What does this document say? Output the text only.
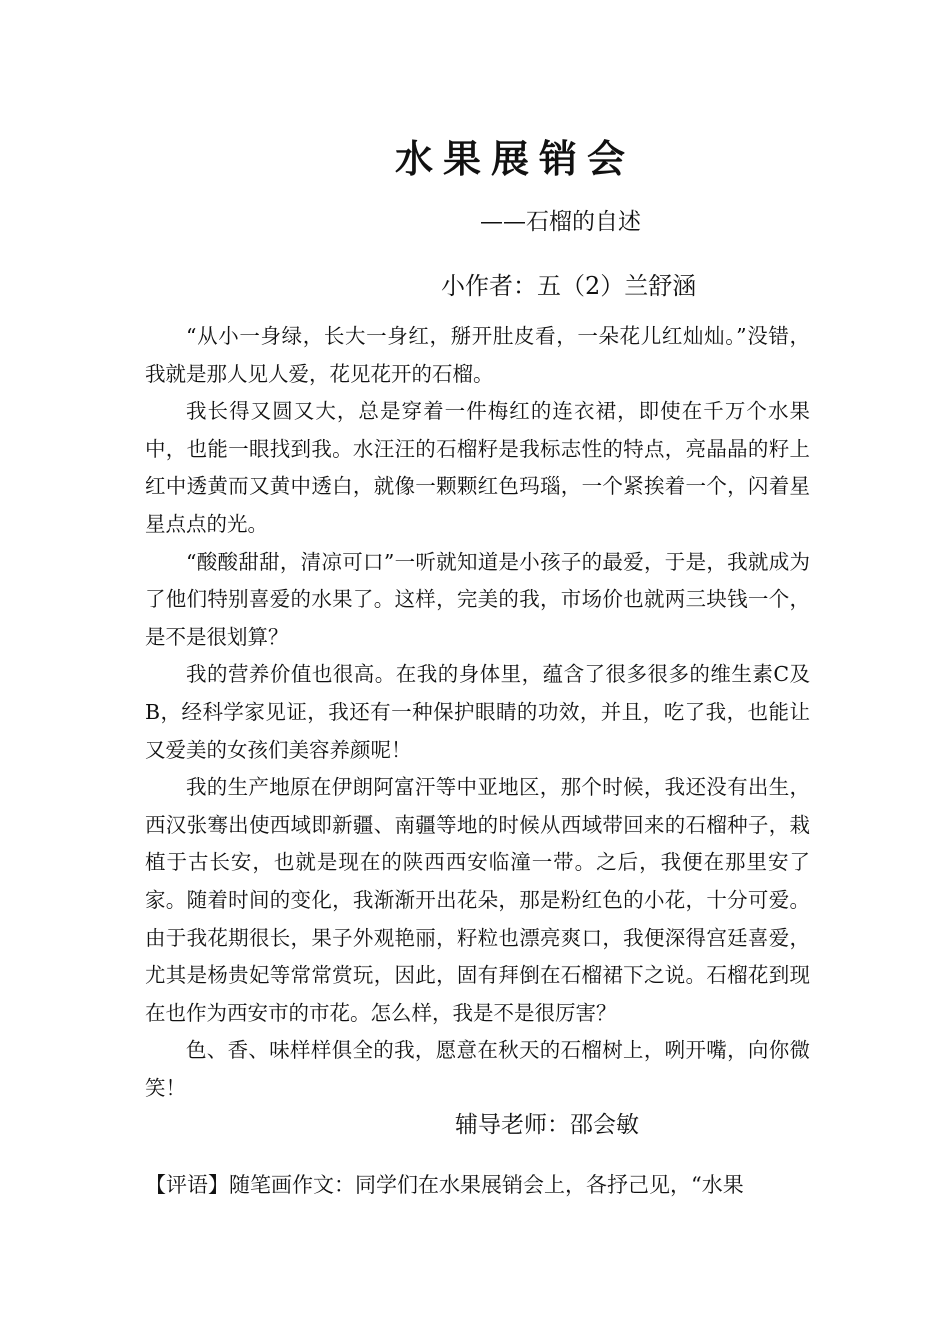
水果展销会
——石榴的自述
小作者：五（2）兰舒涵

“从小一身绿，长大一身红，掰开肚皮看，一朵花儿红灿灿。”没错，我就是那人见人爱，花见花开的石榴。

我长得又圆又大，总是穿着一件梅红的连衣裙，即使在千万个水果中，也能一眼找到我。水汪汪的石榴籽是我标志性的特点，亮晶晶的籽上红中透黄而又黄中透白，就像一颗颗红色玛瑙，一个紧挨着一个，闪着星星点点的光。

“酸酸甜甜，清凉可口”一听就知道是小孩子的最爱，于是，我就成为了他们特别喜爱的水果了。这样，完美的我，市场价也就两三块钱一个，是不是很划算？

我的营养价值也很高。在我的身体里，蕴含了很多很多的维生素C及B，经科学家见证，我还有一种保护眼睛的功效，并且，吃了我，也能让又爱美的女孩们美容养颜呢！

我的生产地原在伊朗阿富汗等中亚地区，那个时候，我还没有出生，西汉张骞出使西域即新疆、南疆等地的时候从西域带回来的石榴种子，栽植于古长安，也就是现在的陕西西安临潼一带。之后，我便在那里安了家。随着时间的变化，我渐渐开出花朵，那是粉红色的小花，十分可爱。由于我花期很长，果子外观艳丽，籽粒也漂亮爽口，我便深得宫廷喜爱，尤其是杨贵妃等常常赏玩，因此，固有拜倒在石榴裙下之说。石榴花到现在也作为西安市的市花。怎么样，我是不是很厉害？

色、香、味样样俱全的我，愿意在秋天的石榴树上，咧开嘴，向你微笑！

辅导老师：邵会敏
【评语】随笔画作文：同学们在水果展销会上，各抒己见，“水果
